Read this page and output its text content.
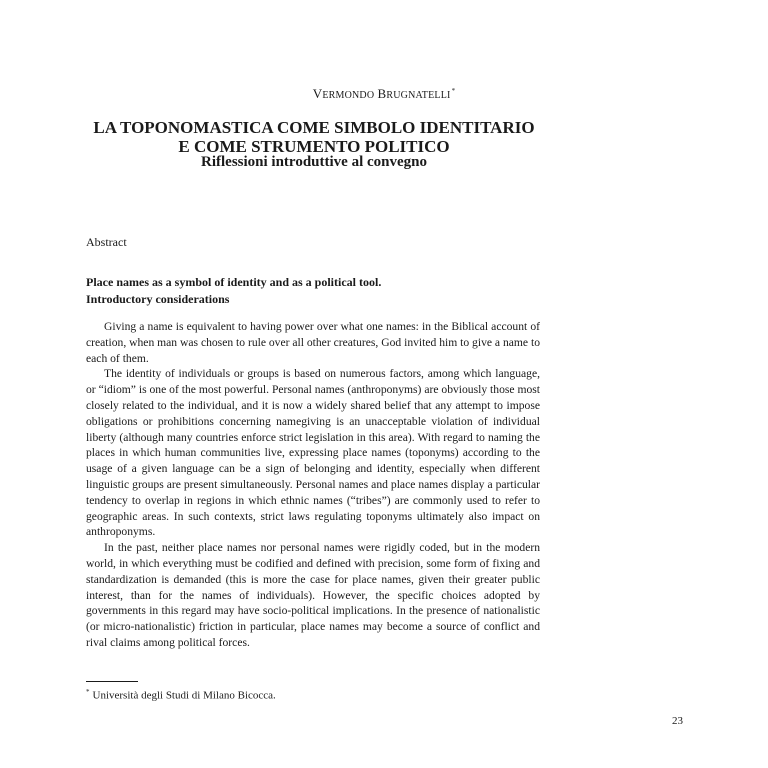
VERMONDO BRUGNATELLI*
LA TOPONOMASTICA COME SIMBOLO IDENTITARIO
E COME STRUMENTO POLITICO
Riflessioni introduttive al convegno
Abstract
Place names as a symbol of identity and as a political tool.
Introductory considerations

Giving a name is equivalent to having power over what one names: in the Biblical account of creation, when man was chosen to rule over all other creatures, God invited him to give a name to each of them.

The identity of individuals or groups is based on numerous factors, among which language, or “idiom” is one of the most powerful. Personal names (anthroponyms) are obviously those most closely related to the individual, and it is now a widely shared belief that any attempt to impose obligations or prohibitions concerning namegiving is an unacceptable violation of individual liberty (although many countries enforce strict legislation in this area). With regard to naming the places in which human communities live, expressing place names (toponyms) according to the usage of a given language can be a sign of belonging and identity, especially when different linguistic groups are present simultaneously. Personal names and place names display a particular tendency to overlap in regions in which ethnic names (“tribes”) are commonly used to refer to geographic areas. In such contexts, strict laws regulating toponyms ultimately also impact on anthroponyms.

In the past, neither place names nor personal names were rigidly coded, but in the modern world, in which everything must be codified and defined with precision, some form of fixing and standardization is demanded (this is more the case for place names, given their greater public interest, than for the names of individuals). However, the specific choices adopted by governments in this regard may have socio-political implications. In the presence of nationalistic (or micro-nationalistic) friction in particular, place names may become a source of conflict and rival claims among political forces.

* Università degli Studi di Milano Bicocca.
23
